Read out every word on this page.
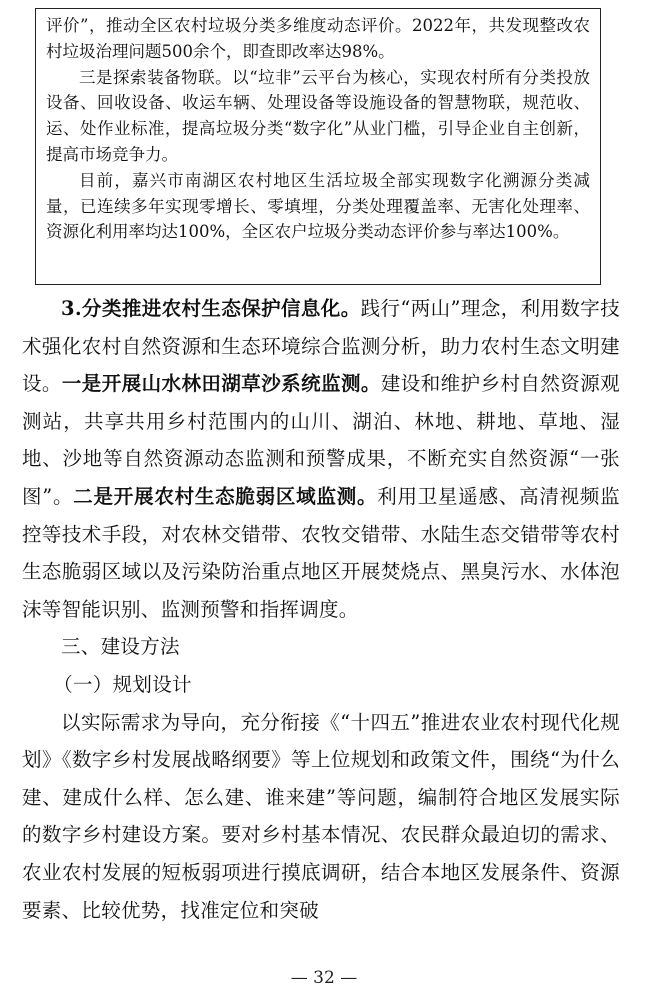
评价”，推动全区农村垃圾分类多维度动态评价。2022年，共发现整改农村垃圾治理问题500余个，即查即改率达98%。

三是探索装备物联。以“垃非”云平台为核心，实现农村所有分类投放设备、回收设备、收运车辆、处理设备等设施设备的智慧物联，规范收、运、处作业标准，提高垃圾分类“数字化”从业门槛，引导企业自主创新，提高市场竞争力。

目前，嘉兴市南湖区农村地区生活垃圾全部实现数字化溯源分类减量，已连续多年实现零增长、零填埋，分类处理覆盖率、无害化处理率、资源化利用率均达100%，全区农户垃圾分类动态评价参与率达100%。

3.分类推进农村生态保护信息化。践行“两山”理念，利用数字技术强化农村自然资源和生态环境综合监测分析，助力农村生态文明建设。一是开展山水林田湖草沙系统监测。建设和维护乡村自然资源观测站，共享共用乡村范围内的山川、湖泊、林地、耕地、草地、湿地、沙地等自然资源动态监测和预警成果，不断充实自然资源“一张图”。二是开展农村生态脆弱区域监测。利用卫星遥感、高清视频监控等技术手段，对农林交错带、农牧交错带、水陆生态交错带等农村生态脆弱区域以及污染防治重点地区开展焚烧点、黑臭污水、水体泡沫等智能识别、监测预警和指挥调度。

三、建设方法

（一）规划设计

以实际需求为导向，充分衔接《“十四五”推进农业农村现代化规划》《数字乡村发展战略纲要》等上位规划和政策文件，围绕“为什么建、建成什么样、怎么建、谁来建”等问题，编制符合地区发展实际的数字乡村建设方案。要对乡村基本情况、农民群众最迫切的需求、农业农村发展的短板弱项进行摸底调研，结合本地区发展条件、资源要素、比较优势，找准定位和突破

— 32 —
